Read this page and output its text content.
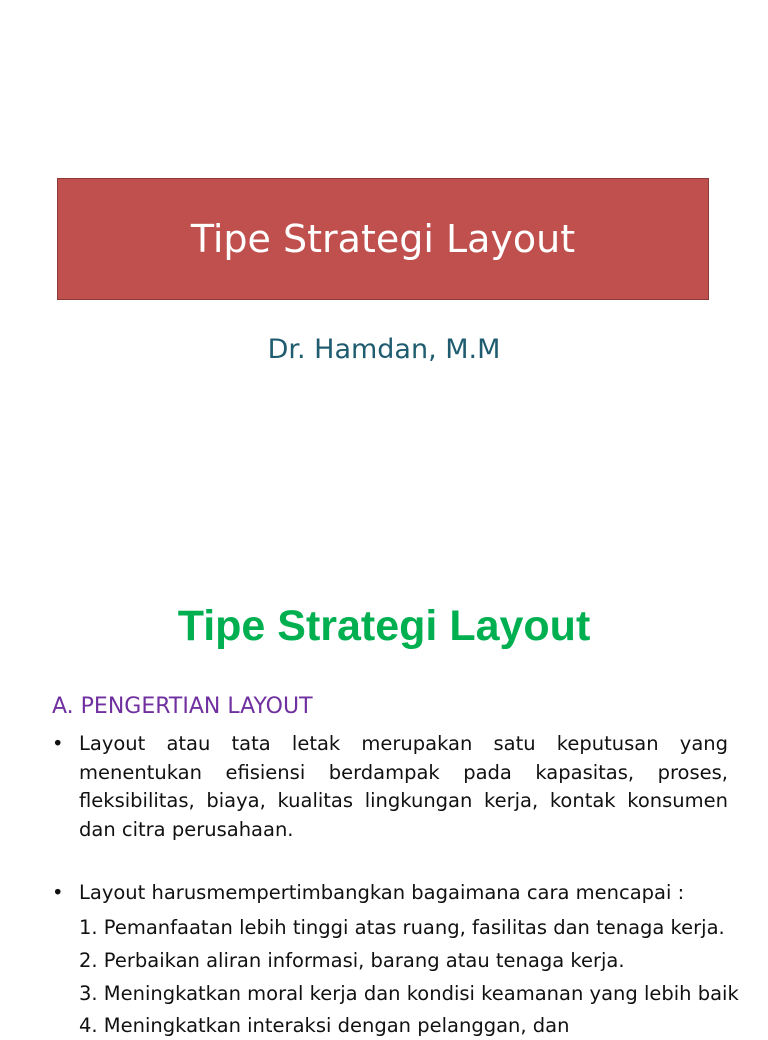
Tipe Strategi Layout
Dr. Hamdan, M.M
Tipe Strategi Layout
A. PENGERTIAN LAYOUT
• Layout atau tata letak merupakan satu keputusan yang menentukan efisiensi berdampak pada kapasitas, proses, fleksibilitas, biaya, kualitas lingkungan kerja, kontak konsumen dan citra perusahaan.
• Layout harusmempertimbangkan bagaimana cara mencapai :
1. Pemanfaatan lebih tinggi atas ruang, fasilitas dan tenaga kerja.
2. Perbaikan aliran informasi, barang atau tenaga kerja.
3. Meningkatkan moral kerja dan kondisi keamanan yang lebih baik
4. Meningkatkan interaksi dengan pelanggan, dan
